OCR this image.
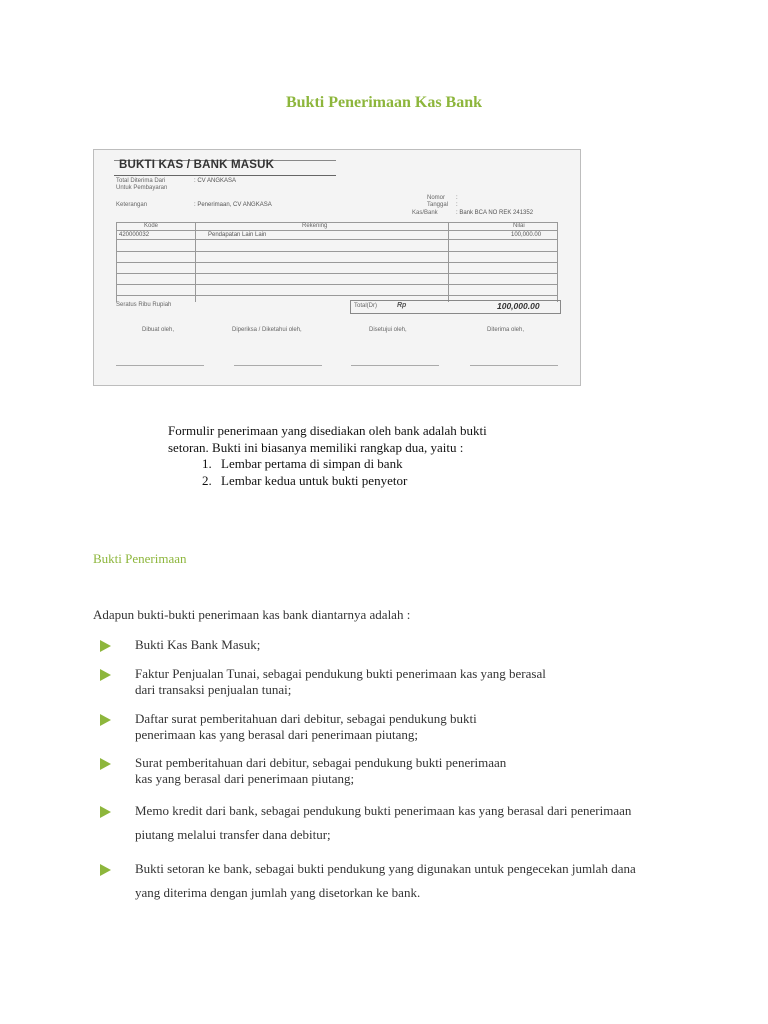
Bukti Penerimaan Kas Bank
BUKTI KAS / BANK MASUK
Total Diterima Dari	: CV ANGKASA
Untuk Pembayaran
Keterangan	: Penerimaan, CV ANGKASA
Nomor :
Tanggal :
Kas/Bank	: Bank BCA NO REK 241352
Kode	Rekening	Nilai
420000032	Pendapatan Lain Lain	100,000.00
Seratus Ribu Rupiah	Total(Dr)	Rp	100,000.00
Dibuat oleh,	Diperiksa / Diketahui oleh,	Disetujui oleh,	Diterima oleh,

Formulir penerimaan yang disediakan oleh bank adalah bukti setoran. Bukti ini biasanya memiliki rangkap dua, yaitu :

1. Lembar pertama di simpan di bank
2. Lembar kedua untuk bukti penyetor
Bukti Penerimaan
Adapun bukti-bukti penerimaan kas bank diantarnya adalah :
Bukti Kas Bank Masuk;
Faktur Penjualan Tunai, sebagai pendukung bukti penerimaan kas yang berasal dari transaksi penjualan tunai;
Daftar surat pemberitahuan dari debitur, sebagai pendukung bukti penerimaan kas yang berasal dari penerimaan piutang;
Surat pemberitahuan dari debitur, sebagai pendukung bukti penerimaan kas yang berasal dari penerimaan piutang;
Memo kredit dari bank, sebagai pendukung bukti penerimaan kas yang berasal dari penerimaan piutang melalui transfer dana debitur;
Bukti setoran ke bank, sebagai bukti pendukung yang digunakan untuk pengecekan jumlah dana yang diterima dengan jumlah yang disetorkan ke bank.
